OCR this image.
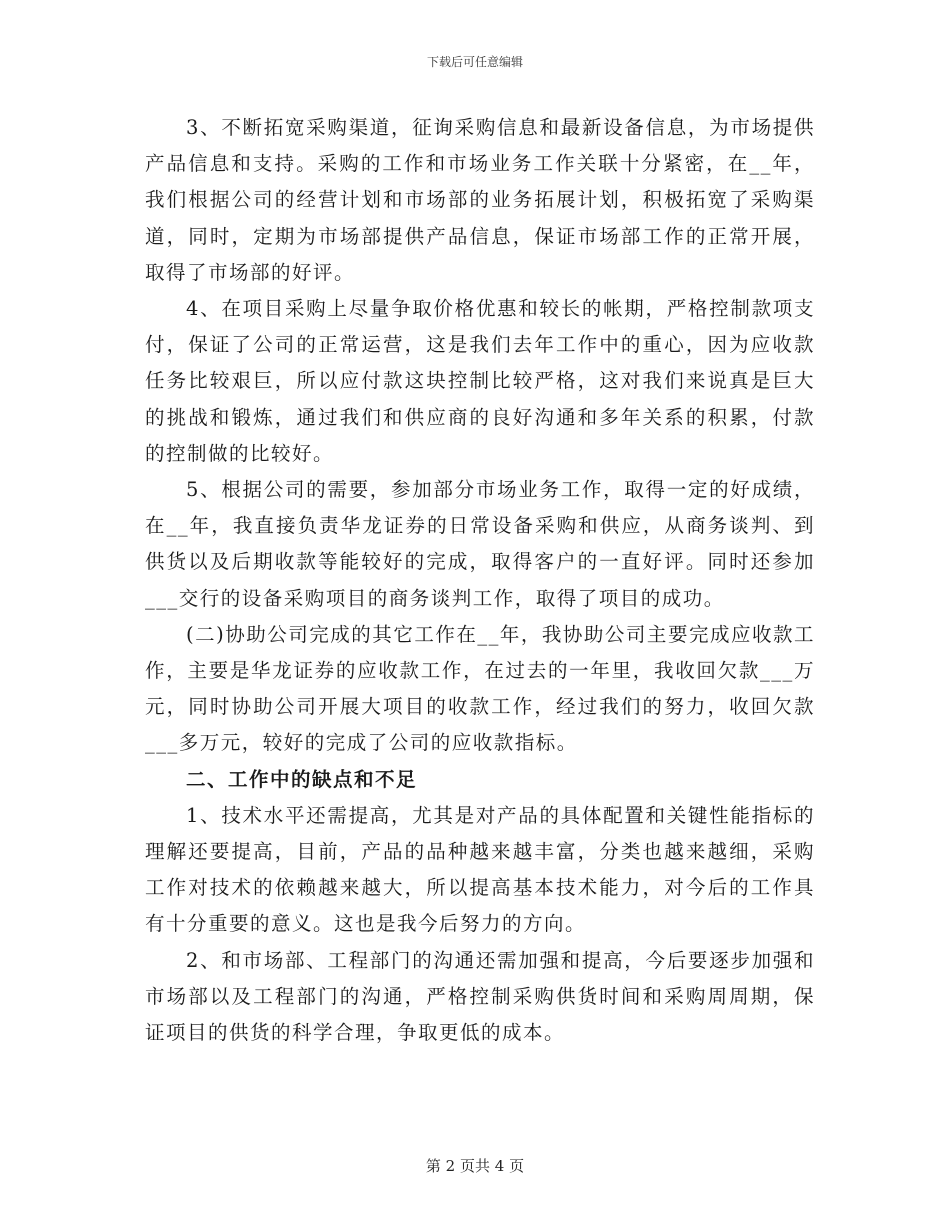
下载后可任意编辑

3、不断拓宽采购渠道，征询采购信息和最新设备信息，为市场提供产品信息和支持。采购的工作和市场业务工作关联十分紧密，在__年，我们根据公司的经营计划和市场部的业务拓展计划，积极拓宽了采购渠道，同时，定期为市场部提供产品信息，保证市场部工作的正常开展，取得了市场部的好评。

4、在项目采购上尽量争取价格优惠和较长的帐期，严格控制款项支付，保证了公司的正常运营，这是我们去年工作中的重心，因为应收款任务比较艰巨，所以应付款这块控制比较严格，这对我们来说真是巨大的挑战和锻炼，通过我们和供应商的良好沟通和多年关系的积累，付款的控制做的比较好。

5、根据公司的需要，参加部分市场业务工作，取得一定的好成绩，在__年，我直接负责华龙证券的日常设备采购和供应，从商务谈判、到供货以及后期收款等能较好的完成，取得客户的一直好评。同时还参加___交行的设备采购项目的商务谈判工作，取得了项目的成功。

(二)协助公司完成的其它工作在__年，我协助公司主要完成应收款工作，主要是华龙证券的应收款工作，在过去的一年里，我收回欠款___万元，同时协助公司开展大项目的收款工作，经过我们的努力，收回欠款___多万元，较好的完成了公司的应收款指标。

二、工作中的缺点和不足

1、技术水平还需提高，尤其是对产品的具体配置和关键性能指标的理解还要提高，目前，产品的品种越来越丰富，分类也越来越细，采购工作对技术的依赖越来越大，所以提高基本技术能力，对今后的工作具有十分重要的意义。这也是我今后努力的方向。

2、和市场部、工程部门的沟通还需加强和提高，今后要逐步加强和市场部以及工程部门的沟通，严格控制采购供货时间和采购周周期，保证项目的供货的科学合理，争取更低的成本。

第 2 页共 4 页
